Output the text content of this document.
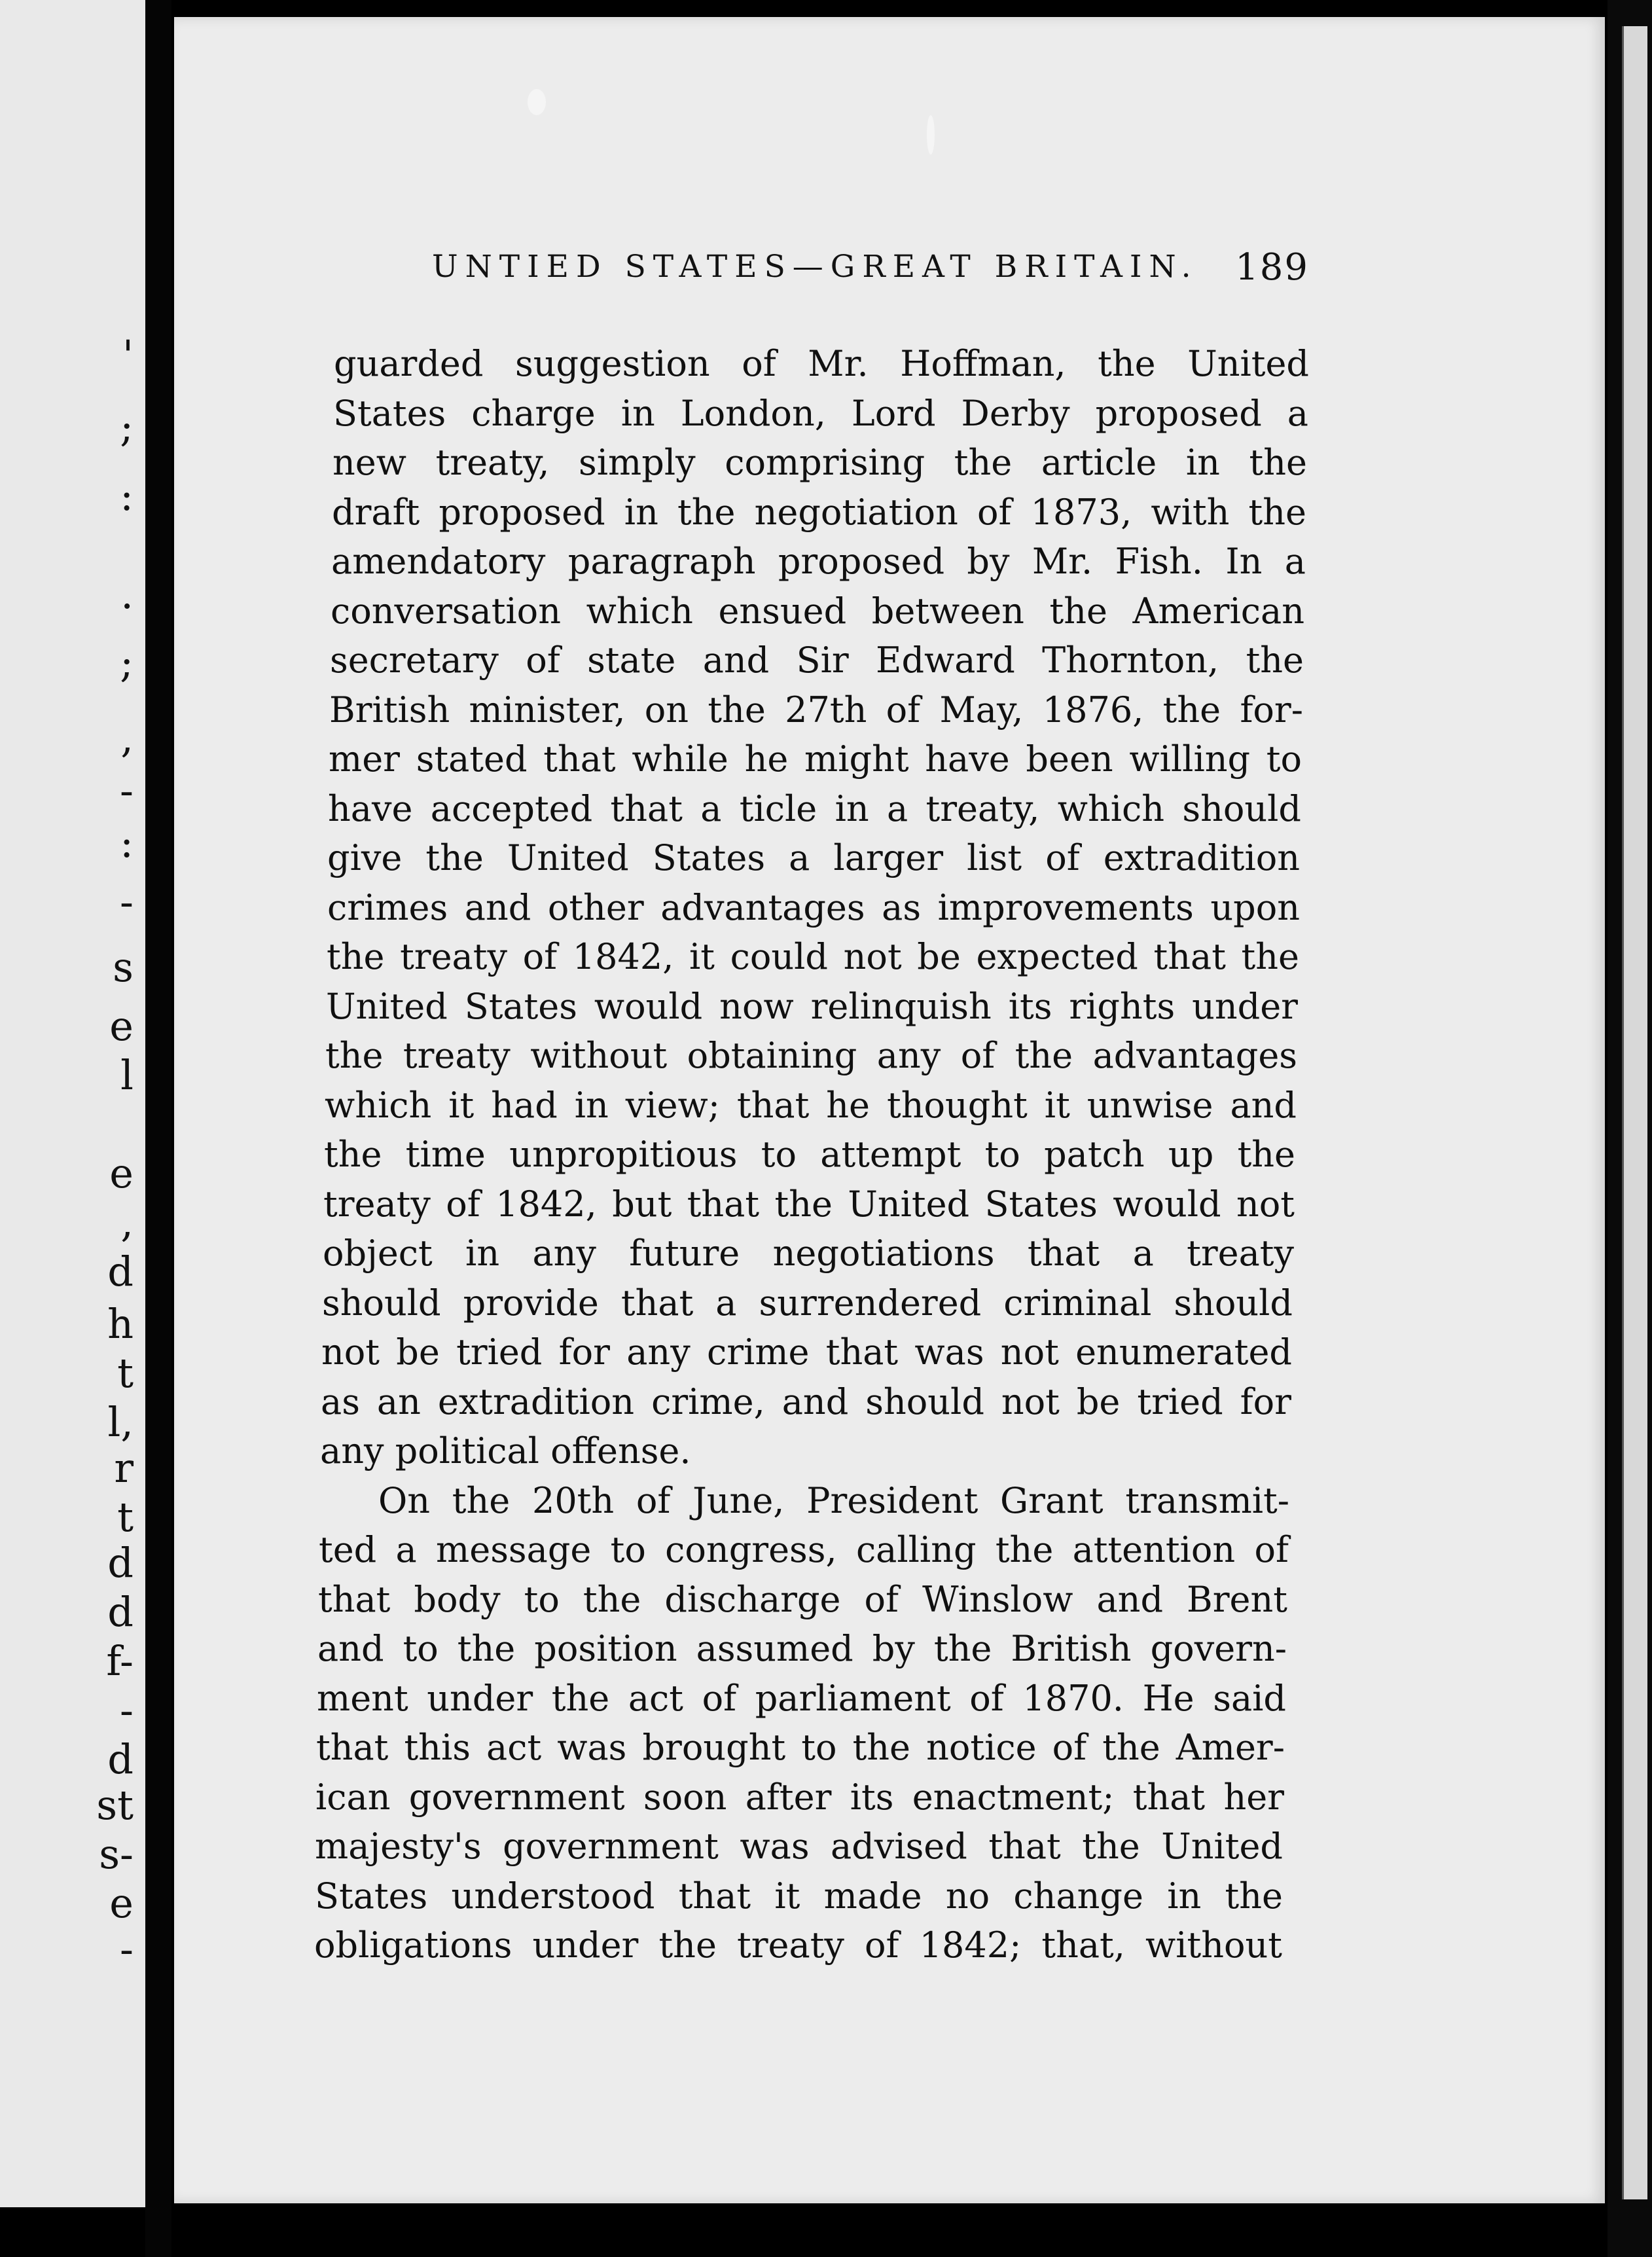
'
;
:
.
;
,
-
:
-
s
e
l
e
,
d
h
t
l,
r
t
d
d
f-
-
d
st
s-
e
-
UNTIED STATES—GREAT BRITAIN. 189
guarded suggestion of Mr. Hoffman, the United
States charge in London, Lord Derby proposed a
new treaty, simply comprising the article in the
draft proposed in the negotiation of 1873, with the
amendatory paragraph proposed by Mr. Fish. In a
conversation which ensued between the American
secretary of state and Sir Edward Thornton, the
British minister, on the 27th of May, 1876, the for-
mer stated that while he might have been willing to
have accepted that a ticle in a treaty, which should
give the United States a larger list of extradition
crimes and other advantages as improvements upon
the treaty of 1842, it could not be expected that the
United States would now relinquish its rights under
the treaty without obtaining any of the advantages
which it had in view; that he thought it unwise and
the time unpropitious to attempt to patch up the
treaty of 1842, but that the United States would not
object in any future negotiations that a treaty
should provide that a surrendered criminal should
not be tried for any crime that was not enumerated
as an extradition crime, and should not be tried for
any political offense.
On the 20th of June, President Grant transmit-
ted a message to congress, calling the attention of
that body to the discharge of Winslow and Brent
and to the position assumed by the British govern-
ment under the act of parliament of 1870. He said
that this act was brought to the notice of the Amer-
ican government soon after its enactment; that her
majesty's government was advised that the United
States understood that it made no change in the
obligations under the treaty of 1842; that, without
